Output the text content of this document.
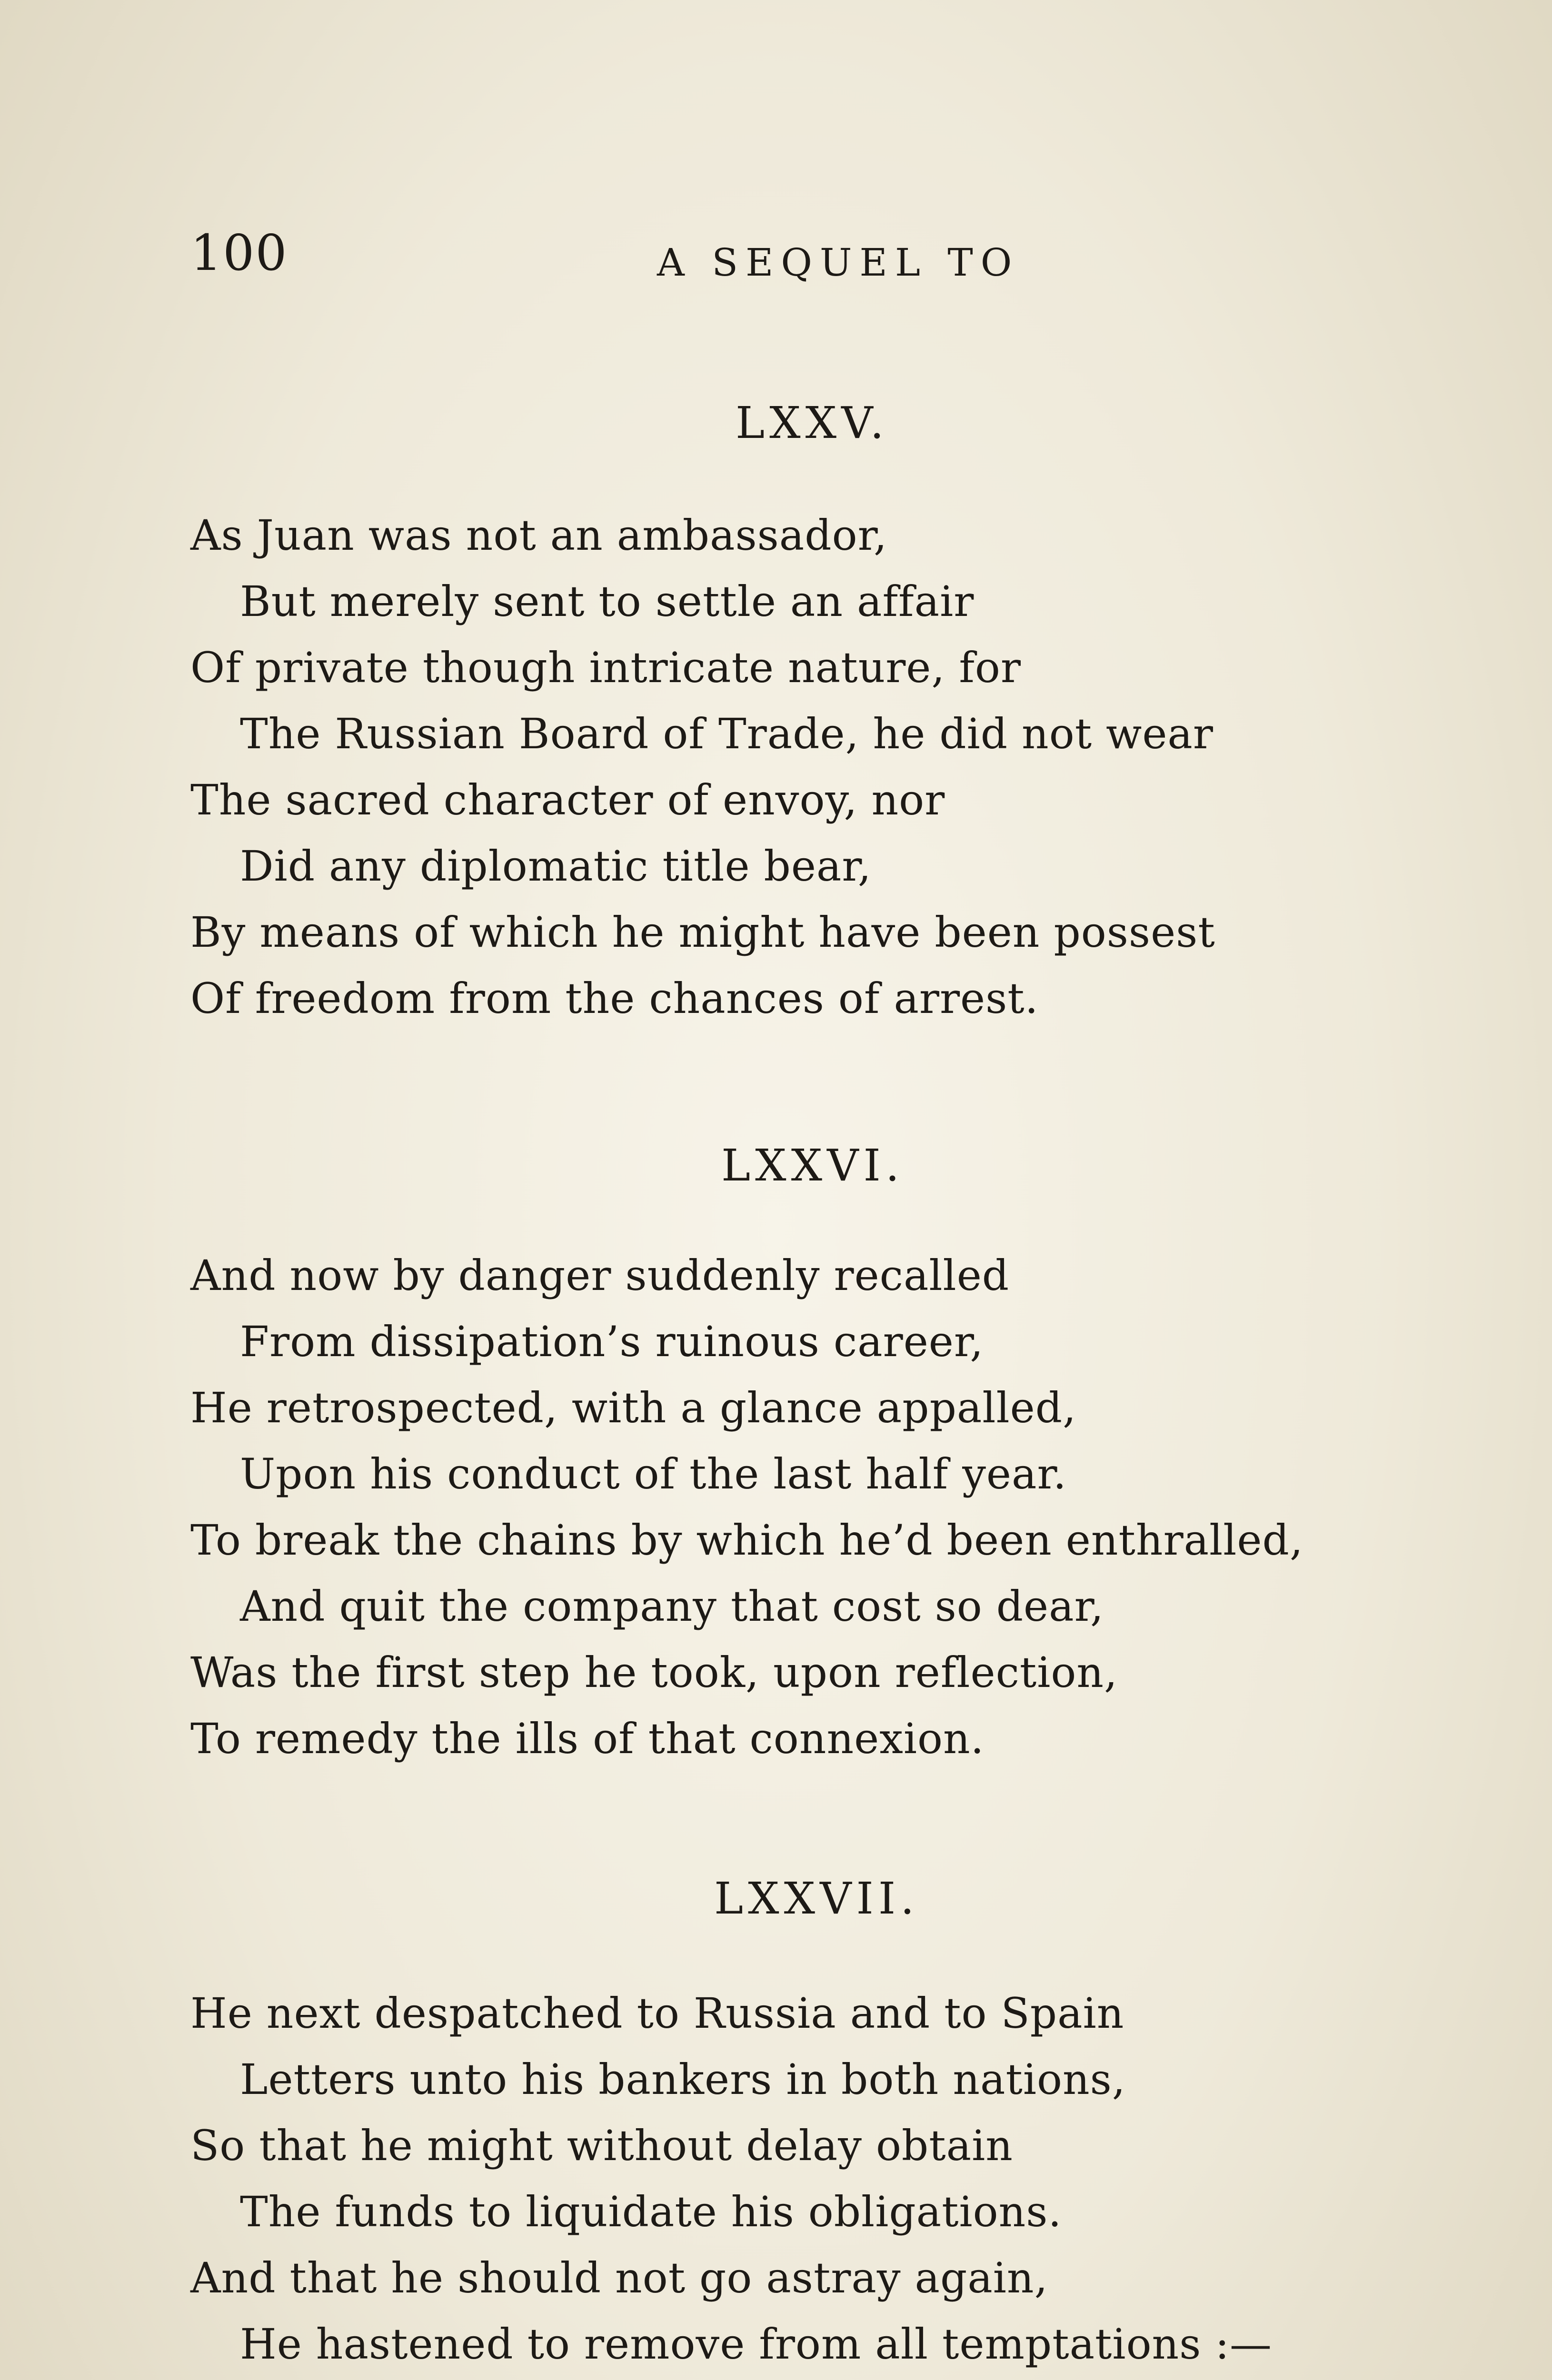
100	A SEQUEL TO
LXXV.
As Juan was not an ambassador,
But merely sent to settle an affair
Of private though intricate nature, for
The Russian Board of Trade, he did not wear
The sacred character of envoy, nor
Did any diplomatic title bear,
By means of which he might have been possest
Of freedom from the chances of arrest.
LXXVI.
And now by danger suddenly recalled
From dissipation’s ruinous career,
He retrospected, with a glance appalled,
Upon his conduct of the last half year.
To break the chains by which he’d been enthralled,
And quit the company that cost so dear,
Was the first step he took, upon reflection,
To remedy the ills of that connexion.
LXXVII.
He next despatched to Russia and to Spain
Letters unto his bankers in both nations,
So that he might without delay obtain
The funds to liquidate his obligations.
And that he should not go astray again,
He hastened to remove from all temptations :—
